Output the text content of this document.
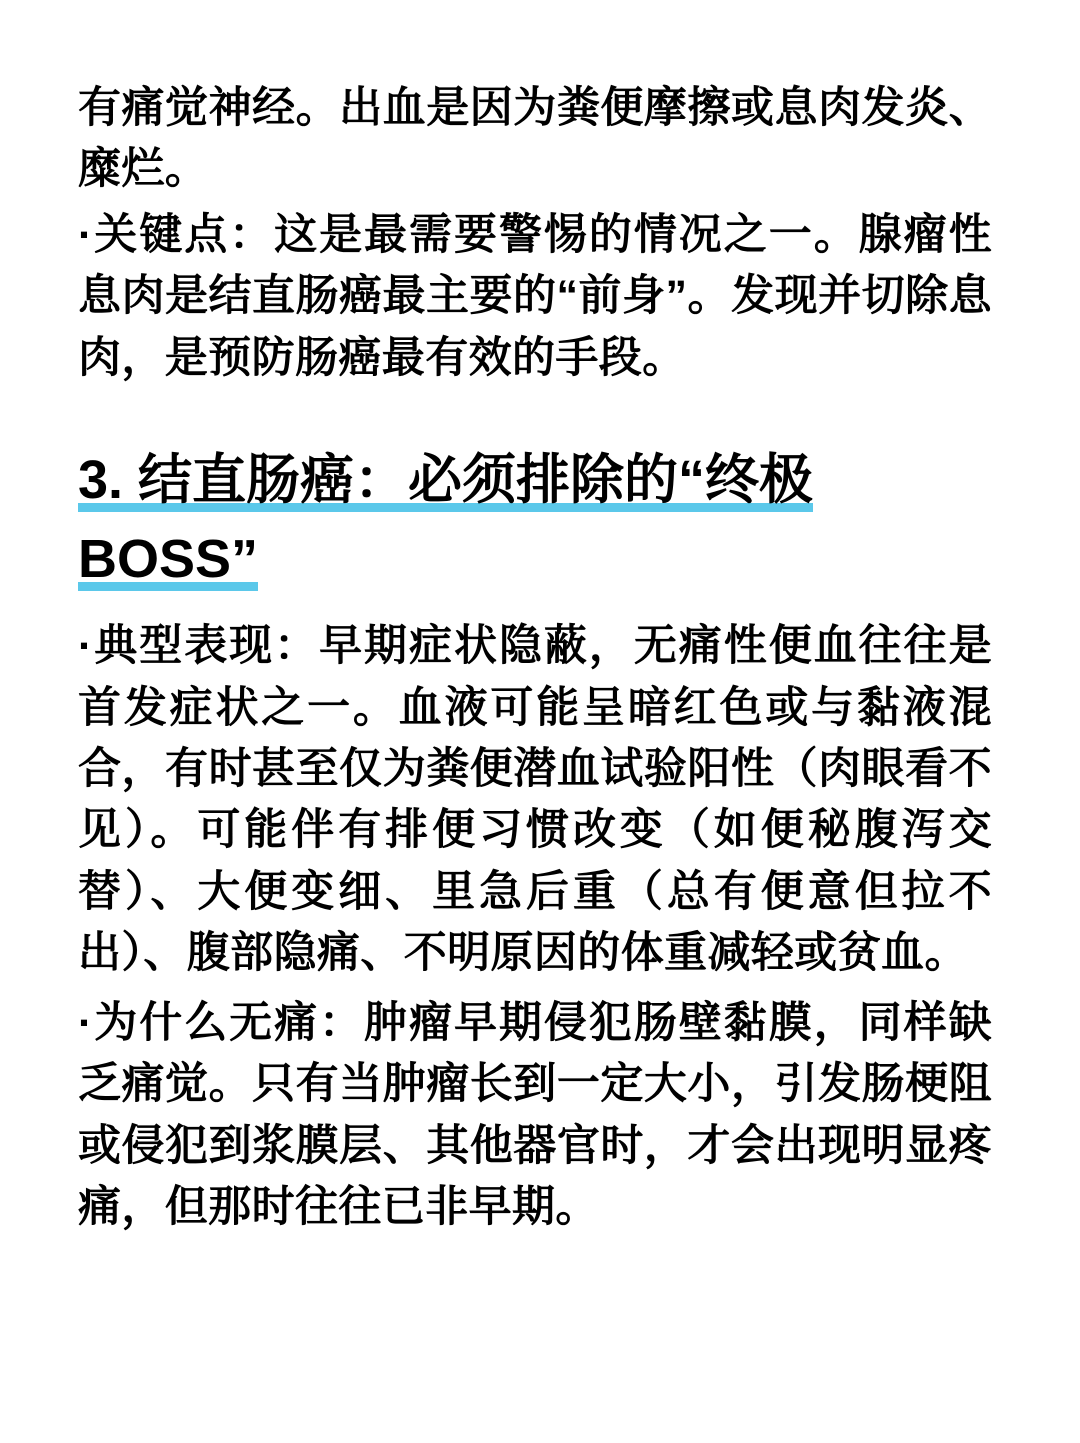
有痛觉神经。出血是因为粪便摩擦或息肉发炎、糜烂。

·关键点：这是最需要警惕的情况之一。腺瘤性息肉是结直肠癌最主要的“前身”。发现并切除息肉，是预防肠癌最有效的手段。

3. 结直肠癌：必须排除的“终极BOSS”

·典型表现：早期症状隐蔽，无痛性便血往往是首发症状之一。血液可能呈暗红色或与黏液混合，有时甚至仅为粪便潜血试验阳性（肉眼看不见）。可能伴有排便习惯改变（如便秘腹泻交替）、大便变细、里急后重（总有便意但拉不出）、腹部隐痛、不明原因的体重减轻或贫血。

·为什么无痛：肿瘤早期侵犯肠壁黏膜，同样缺乏痛觉。只有当肿瘤长到一定大小，引发肠梗阻或侵犯到浆膜层、其他器官时，才会出现明显疼痛，但那时往往已非早期。
